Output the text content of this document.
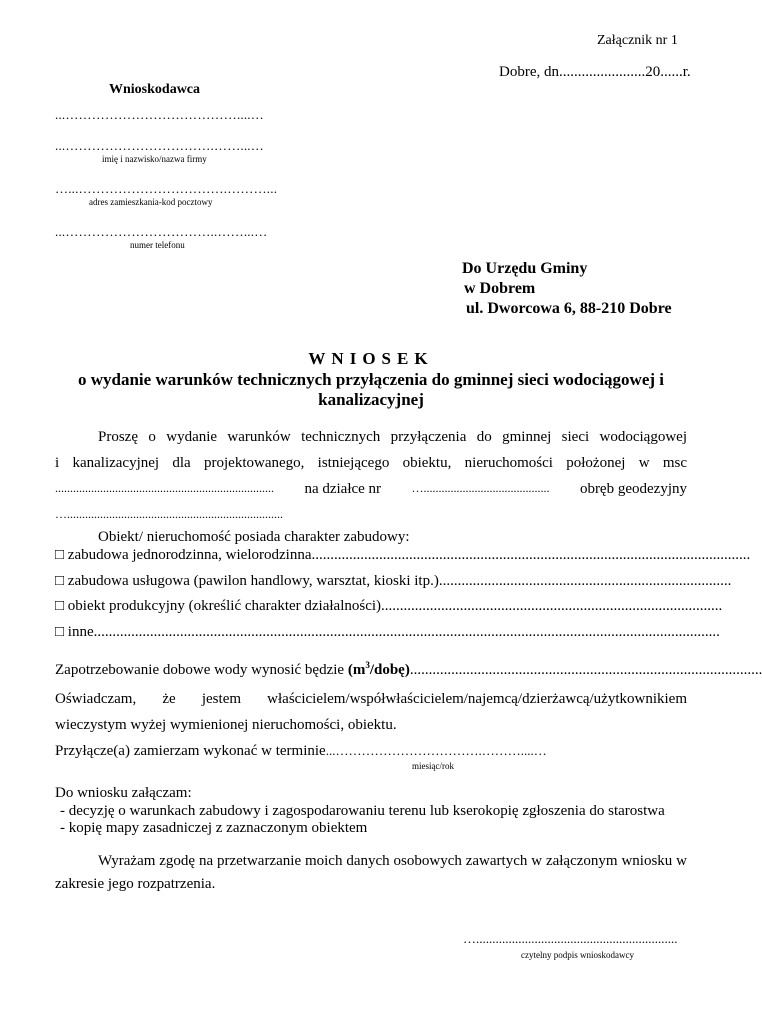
Załącznik nr 1
Dobre, dn.......................20......r.
Wnioskodawca
...…………………………………....…
...…………………………….……...…
imię i nazwisko/nazwa firmy
…...…………………………….………...
adres zamieszkania-kod pocztowy
...……………………………..……...…
numer telefonu
Do Urzędu Gminy
w Dobrem
ul. Dworcowa 6, 88-210 Dobre
WNIOSEK
o wydanie warunków technicznych przyłączenia do gminnej sieci wodociągowej i kanalizacyjnej
Proszę o wydanie warunków technicznych przyłączenia do gminnej sieci wodociągowej
i kanalizacyjnej dla projektowanego, istniejącego obiektu, nieruchomości położonej w msc
......................................................................... na działce nr	….......................................... obręb geodezyjny
…........................................................................
Obiekt/ nieruchomość posiada charakter zabudowy:
□ zabudowa jednorodzinna, wielorodzinna.....................................................................................................................
□ zabudowa usługowa (pawilon handlowy, warsztat, kioski itp.)..............................................................................
□ obiekt produkcyjny (określić charakter działalności)...........................................................................................
□ inne.......................................................................................................................................................................
Zapotrzebowanie dobowe wody wynosić będzie $(m^3/dobę)$..............................................................................................
Oświadczam, że jestem właścicielem/współwłaścicielem/najemcą/dzierżawcą/użytkownikiem
wieczystym wyżej wymienionej nieruchomości, obiektu.
Przyłącze(a) zamierzam wykonać w terminie...…………………………….………....…
miesiąc/rok
Do wniosku załączam:
- decyzję o warunkach zabudowy i zagospodarowaniu terenu lub kserokopię zgłoszenia do starostwa
- kopię mapy zasadniczej z zaznaczonym obiektem
Wyrażam zgodę na przetwarzanie moich danych osobowych zawartych w załączonym wniosku w zakresie jego rozpatrzenia.
…..............................................................
czytelny podpis wnioskodawcy
